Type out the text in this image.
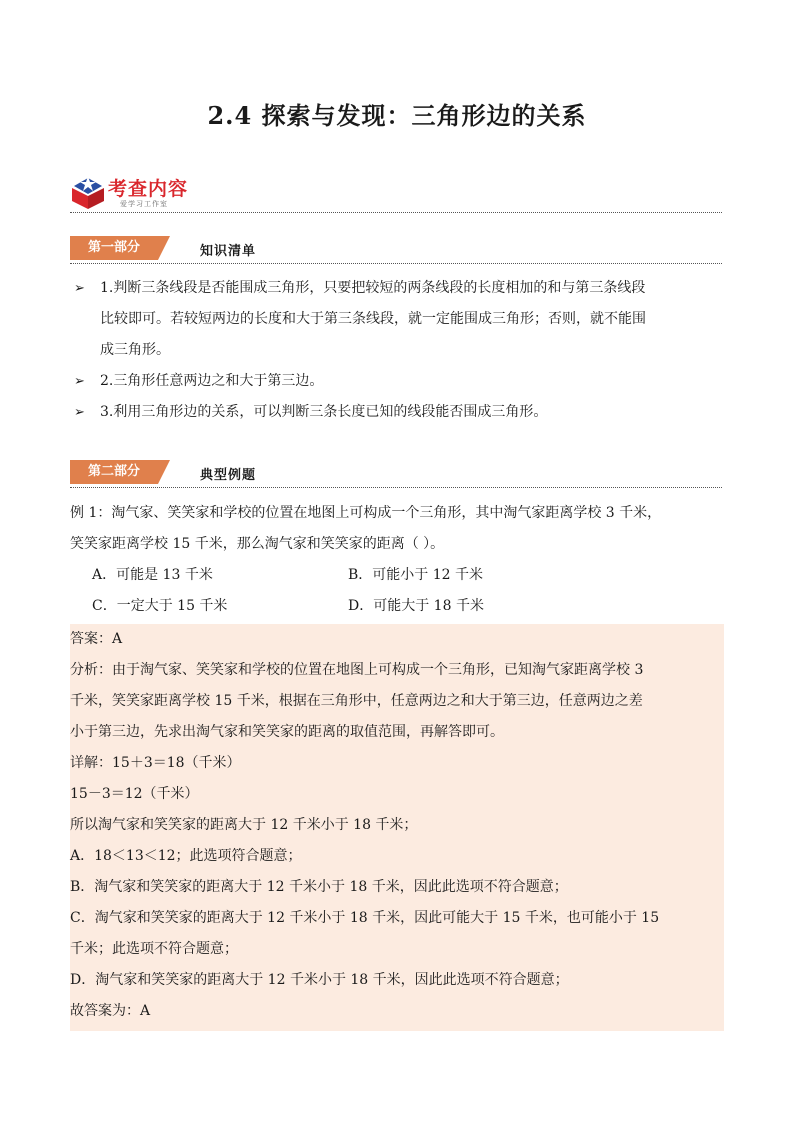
2.4 探索与发现：三角形边的关系
考查内容
爱学习工作室
第一部分	知识清单
➢ 1.判断三条线段是否能围成三角形，只要把较短的两条线段的长度相加的和与第三条线段
比较即可。若较短两边的长度和大于第三条线段，就一定能围成三角形；否则，就不能围
成三角形。
➢ 2.三角形任意两边之和大于第三边。
➢ 3.利用三角形边的关系，可以判断三条长度已知的线段能否围成三角形。
第二部分	典型例题
例 1：淘气家、笑笑家和学校的位置在地图上可构成一个三角形，其中淘气家距离学校 3 千米，
笑笑家距离学校 15 千米，那么淘气家和笑笑家的距离（ ）。
A．可能是 13 千米	B．可能小于 12 千米
C．一定大于 15 千米	D．可能大于 18 千米
答案：A
分析：由于淘气家、笑笑家和学校的位置在地图上可构成一个三角形，已知淘气家距离学校 3
千米，笑笑家距离学校 15 千米，根据在三角形中，任意两边之和大于第三边，任意两边之差
小于第三边，先求出淘气家和笑笑家的距离的取值范围，再解答即可。
详解：15＋3＝18（千米）
15－3＝12（千米）
所以淘气家和笑笑家的距离大于 12 千米小于 18 千米；
A．18＜13＜12；此选项符合题意；
B．淘气家和笑笑家的距离大于 12 千米小于 18 千米，因此此选项不符合题意；
C．淘气家和笑笑家的距离大于 12 千米小于 18 千米，因此可能大于 15 千米，也可能小于 15
千米；此选项不符合题意；
D．淘气家和笑笑家的距离大于 12 千米小于 18 千米，因此此选项不符合题意；
故答案为：A
